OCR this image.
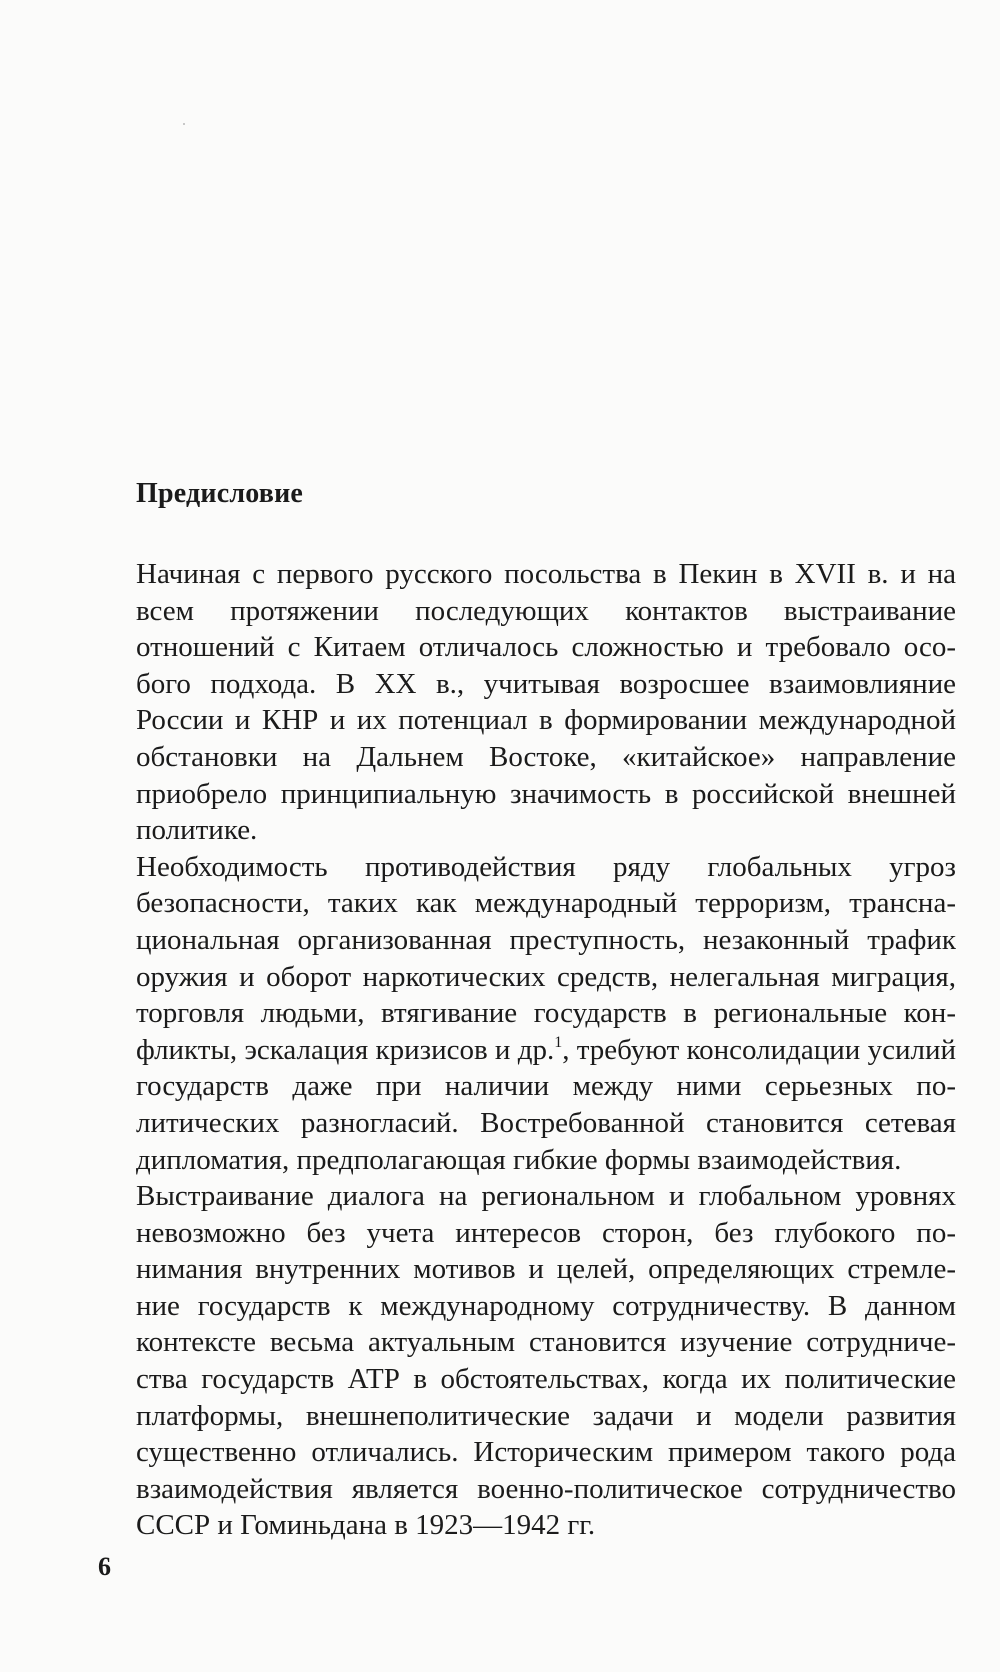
Предисловие

Начиная с первого русского посольства в Пекин в XVII в. и на всем протяжении последующих контактов выстраивание отношений с Китаем отличалось сложностью и требовало особого подхода. В XX в., учитывая возросшее взаимовлияние России и КНР и их потенциал в формировании международной обстановки на Дальнем Востоке, «китайское» направление приобрело принципиальную значимость в российской внешней политике.

Необходимость противодействия ряду глобальных угроз безопасности, таких как международный терроризм, транснациональная организованная преступность, незаконный трафик оружия и оборот наркотических средств, нелегальная миграция, торговля людьми, втягивание государств в региональные конфликты, эскалация кризисов и др.$^1$, требуют консолидации усилий государств даже при наличии между ними серьезных политических разногласий. Востребованной становится сетевая дипломатия, предполагающая гибкие формы взаимодействия.

Выстраивание диалога на региональном и глобальном уровнях невозможно без учета интересов сторон, без глубокого понимания внутренних мотивов и целей, определяющих стремление государств к международному сотрудничеству. В данном контексте весьма актуальным становится изучение сотрудничества государств АТР в обстоятельствах, когда их политические платформы, внешнеполитические задачи и модели развития существенно отличались. Историческим примером такого рода взаимодействия является военно-политическое сотрудничество СССР и Гоминьдана в 1923—1942 гг.

6
